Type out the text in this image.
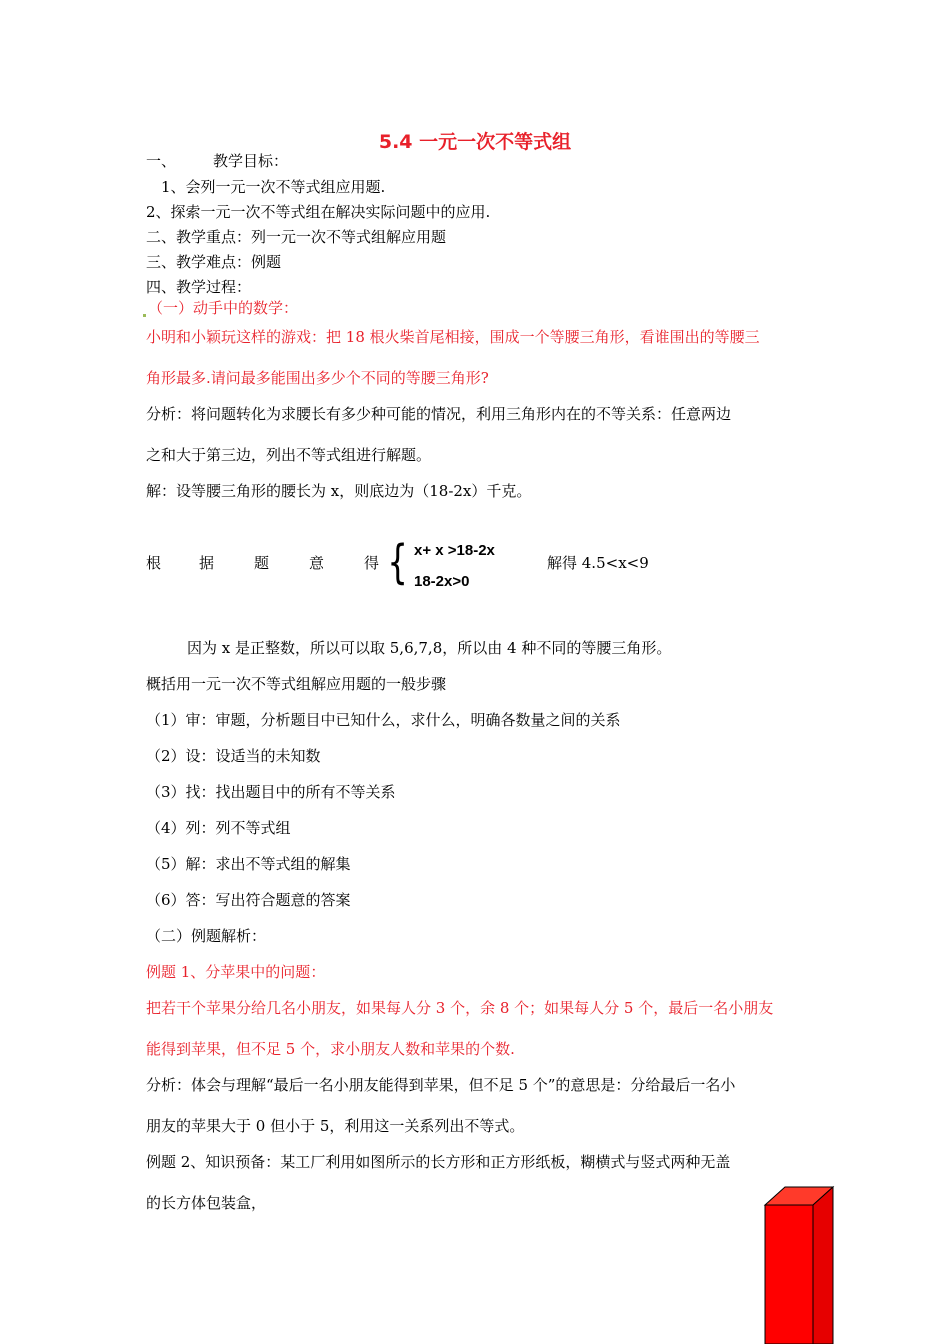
5.4 一元一次不等式组
一、 教学目标：
1、会列一元一次不等式组应用题.
2、探索一元一次不等式组在解决实际问题中的应用.
二、教学重点：列一元一次不等式组解应用题
三、教学难点：例题
四、教学过程：
（一）动手中的数学：
小明和小颖玩这样的游戏：把 18 根火柴首尾相接，围成一个等腰三角形，看谁围出的等腰三
角形最多.请问最多能围出多少个不同的等腰三角形?
分析：将问题转化为求腰长有多少种可能的情况，利用三角形内在的不等关系：任意两边
之和大于第三边，列出不等式组进行解题。
解：设等腰三角形的腰长为 x，则底边为（18-2x）千克。
根	据	题	意	得 { x+ x >18-2x
18-2x>0
解得 4.5<x<9
因为 x 是正整数，所以可以取 5,6,7,8，所以由 4 种不同的等腰三角形。
概括用一元一次不等式组解应用题的一般步骤
（1）审：审题，分析题目中已知什么，求什么，明确各数量之间的关系
（2）设：设适当的未知数
（3）找：找出题目中的所有不等关系
（4）列：列不等式组
（5）解：求出不等式组的解集
（6）答：写出符合题意的答案
（二）例题解析：
例题 1、分苹果中的问题：
把若干个苹果分给几名小朋友，如果每人分 3 个，余 8 个；如果每人分 5 个，最后一名小朋友
能得到苹果，但不足 5 个，求小朋友人数和苹果的个数.
分析：体会与理解“最后一名小朋友能得到苹果，但不足 5 个”的意思是：分给最后一名小
朋友的苹果大于 0 但小于 5，利用这一关系列出不等式。
例题 2、知识预备：某工厂利用如图所示的长方形和正方形纸板，糊横式与竖式两种无盖
的长方体包装盒，
